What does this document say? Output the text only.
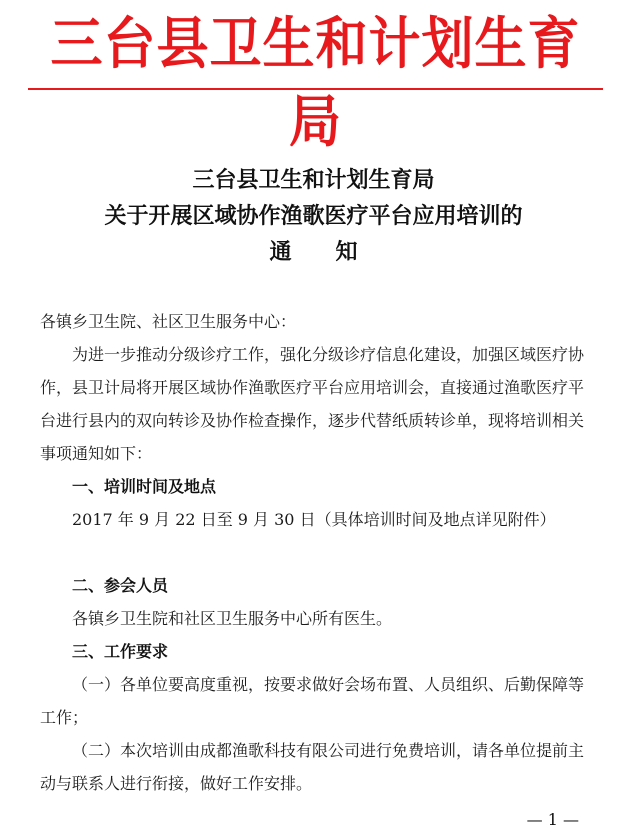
三台县卫生和计划生育局
三台县卫生和计划生育局
关于开展区域协作渔歌医疗平台应用培训的
通 知
各镇乡卫生院、社区卫生服务中心：
为进一步推动分级诊疗工作，强化分级诊疗信息化建设，加强区域医疗协作，县卫计局将开展区域协作渔歌医疗平台应用培训会，直接通过渔歌医疗平台进行县内的双向转诊及协作检查操作，逐步代替纸质转诊单，现将培训相关事项通知如下：
一、培训时间及地点
2017 年 9 月 22 日至 9 月 30 日（具体培训时间及地点详见附件）
二、参会人员
各镇乡卫生院和社区卫生服务中心所有医生。
三、工作要求
（一）各单位要高度重视，按要求做好会场布置、人员组织、后勤保障等工作；
（二）本次培训由成都渔歌科技有限公司进行免费培训，请各单位提前主动与联系人进行衔接，做好工作安排。
— 1 —
